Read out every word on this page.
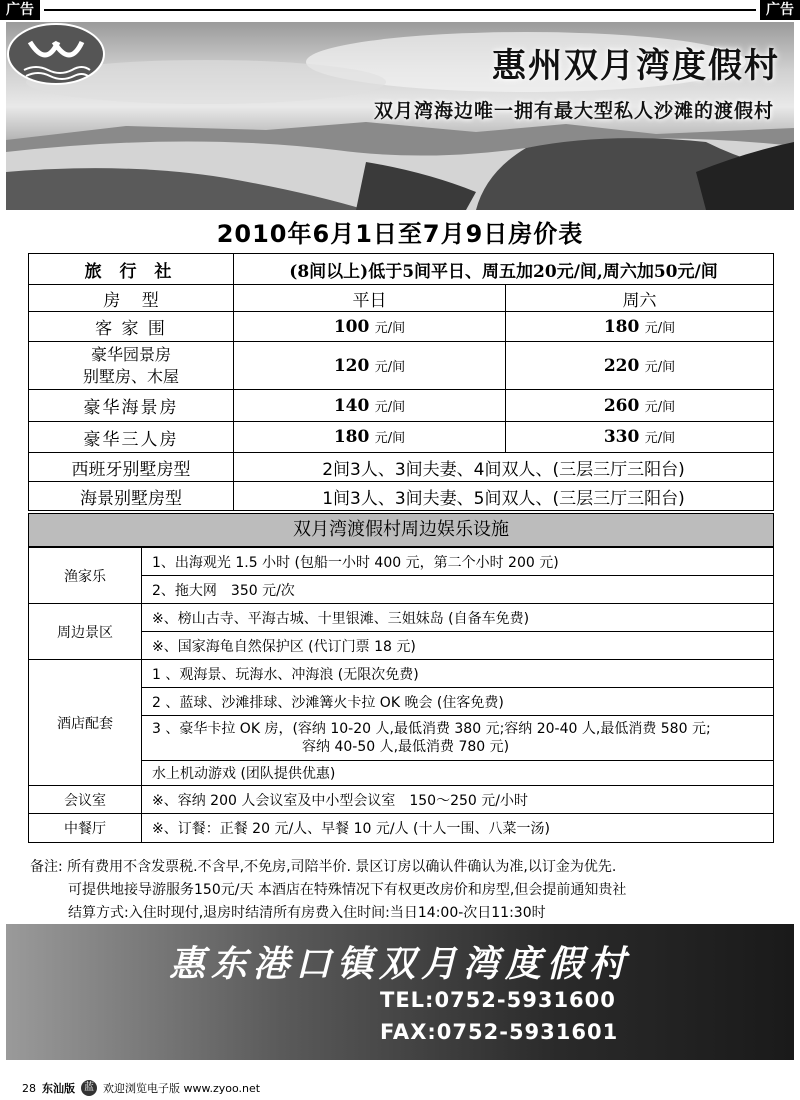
广告	广告
惠州双月湾度假村
双月湾海边唯一拥有最大型私人沙滩的渡假村
2010年6月1日至7月9日房价表
旅 行 社	(8间以上)低于5间平日、周五加20元/间,周六加50元/间	
房    型	平日	周六
客 家 围	100 元/间	180 元/间

豪华园景房
别墅房、木屋	120 元/间	220 元/间
豪华海景房	140 元/间	260 元/间
豪华三人房	180 元/间	330 元/间
西班牙别墅房型	2间3人、3间夫妻、4间双人、(三层三厅三阳台)	
海景别墅房型	1间3人、3间夫妻、5间双人、(三层三厅三阳台)	
双月湾渡假村周边娱乐设施
渔家乐	1、出海观光 1.5 小时 (包船一小时 400 元，第二个小时 200 元)
	2、拖大网　350 元/次
周边景区	※、榜山古寺、平海古城、十里银滩、三姐妹岛 (自备车免费)
	※、国家海龟自然保护区 (代订门票 18 元)
酒店配套	1 、观海景、玩海水、冲海浪 (无限次免费)
	2 、蓝球、沙滩排球、沙滩篝火卡拉 OK 晚会 (住客免费)

	3 、豪华卡拉 OK 房，(容纳 10-20 人,最低消费 380 元;容纳 20-40 人,最低消费 580 元;
容纳 40-50 人,最低消费 780 元)

	水上机动游戏 (团队提供优惠)
会议室	※、容纳 200 人会议室及中小型会议室　150～250 元/小时
中餐厅	※、订餐：正餐 20 元/人、早餐 10 元/人 (十人一围、八菜一汤)
备注: 所有费用不含发票税.不含早,不免房,司陪半价. 景区订房以确认件确认为准,以订金为优先.
可提供地接导游服务150元/天 本酒店在特殊情况下有权更改房价和房型,但会提前通知贵社
结算方式:入住时现付,退房时结清所有房费入住时间:当日14:00-次日11:30时
惠东港口镇双月湾度假村
TEL:0752-5931600
FAX:0752-5931601
28 东汕版 蓝 欢迎浏览电子版 www.zyoo.net
